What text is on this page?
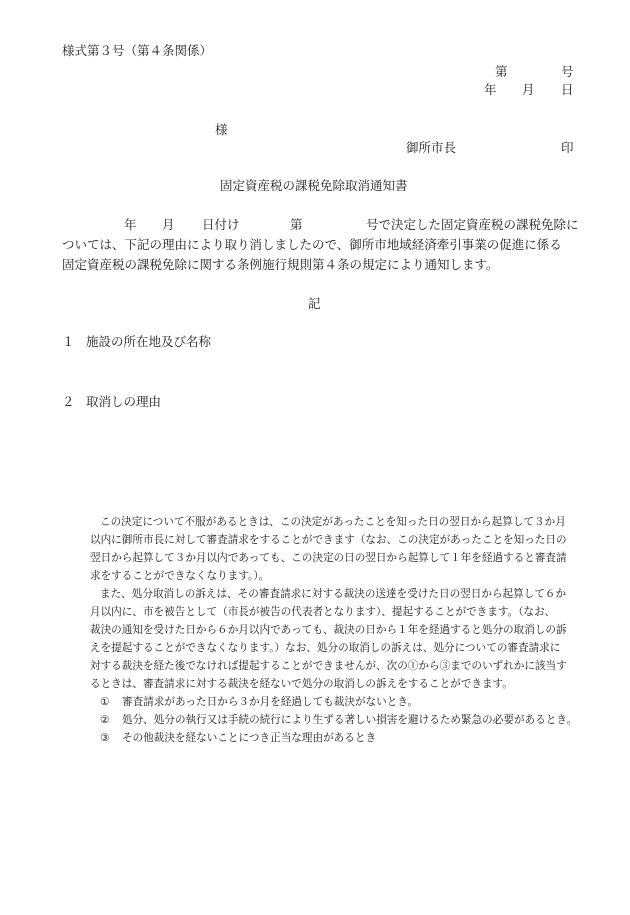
様式第３号（第４条関係）
第	号
年 月 日
様
御所市長	印
固定資産税の課税免除取消通知書
年 月 日付け	第	号で決定した固定資産税の課税免除に
ついては、下記の理由により取り消しましたので、御所市地域経済牽引事業の促進に係る
固定資産税の課税免除に関する条例施行規則第４条の規定により通知します。
記
１ 施設の所在地及び名称
２ 取消しの理由
この決定について不服があるときは、この決定があったことを知った日の翌日から起算して３か月
以内に御所市長に対して審査請求をすることができます（なお、この決定があったことを知った日の
翌日から起算して３か月以内であっても、この決定の日の翌日から起算して１年を経過すると審査請
求をすることができなくなります。）。
また、処分取消しの訴えは、その審査請求に対する裁決の送達を受けた日の翌日から起算して６か
月以内に、市を被告として（市長が被告の代表者となります）、提起することができます。（なお、
裁決の通知を受けた日から６か月以内であっても、裁決の日から１年を経過すると処分の取消しの訴
えを提起することができなくなります。）なお、処分の取消しの訴えは、処分についての審査請求に
対する裁決を経た後でなければ提起することができませんが、次の①から③までのいずれかに該当す
るときは、審査請求に対する裁決を経ないで処分の取消しの訴えをすることができます。
① 審査請求があった日から３か月を経過しても裁決がないとき。
② 処分、処分の執行又は手続の続行により生ずる著しい損害を避けるため緊急の必要があるとき。
③ その他裁決を経ないことにつき正当な理由があるとき
